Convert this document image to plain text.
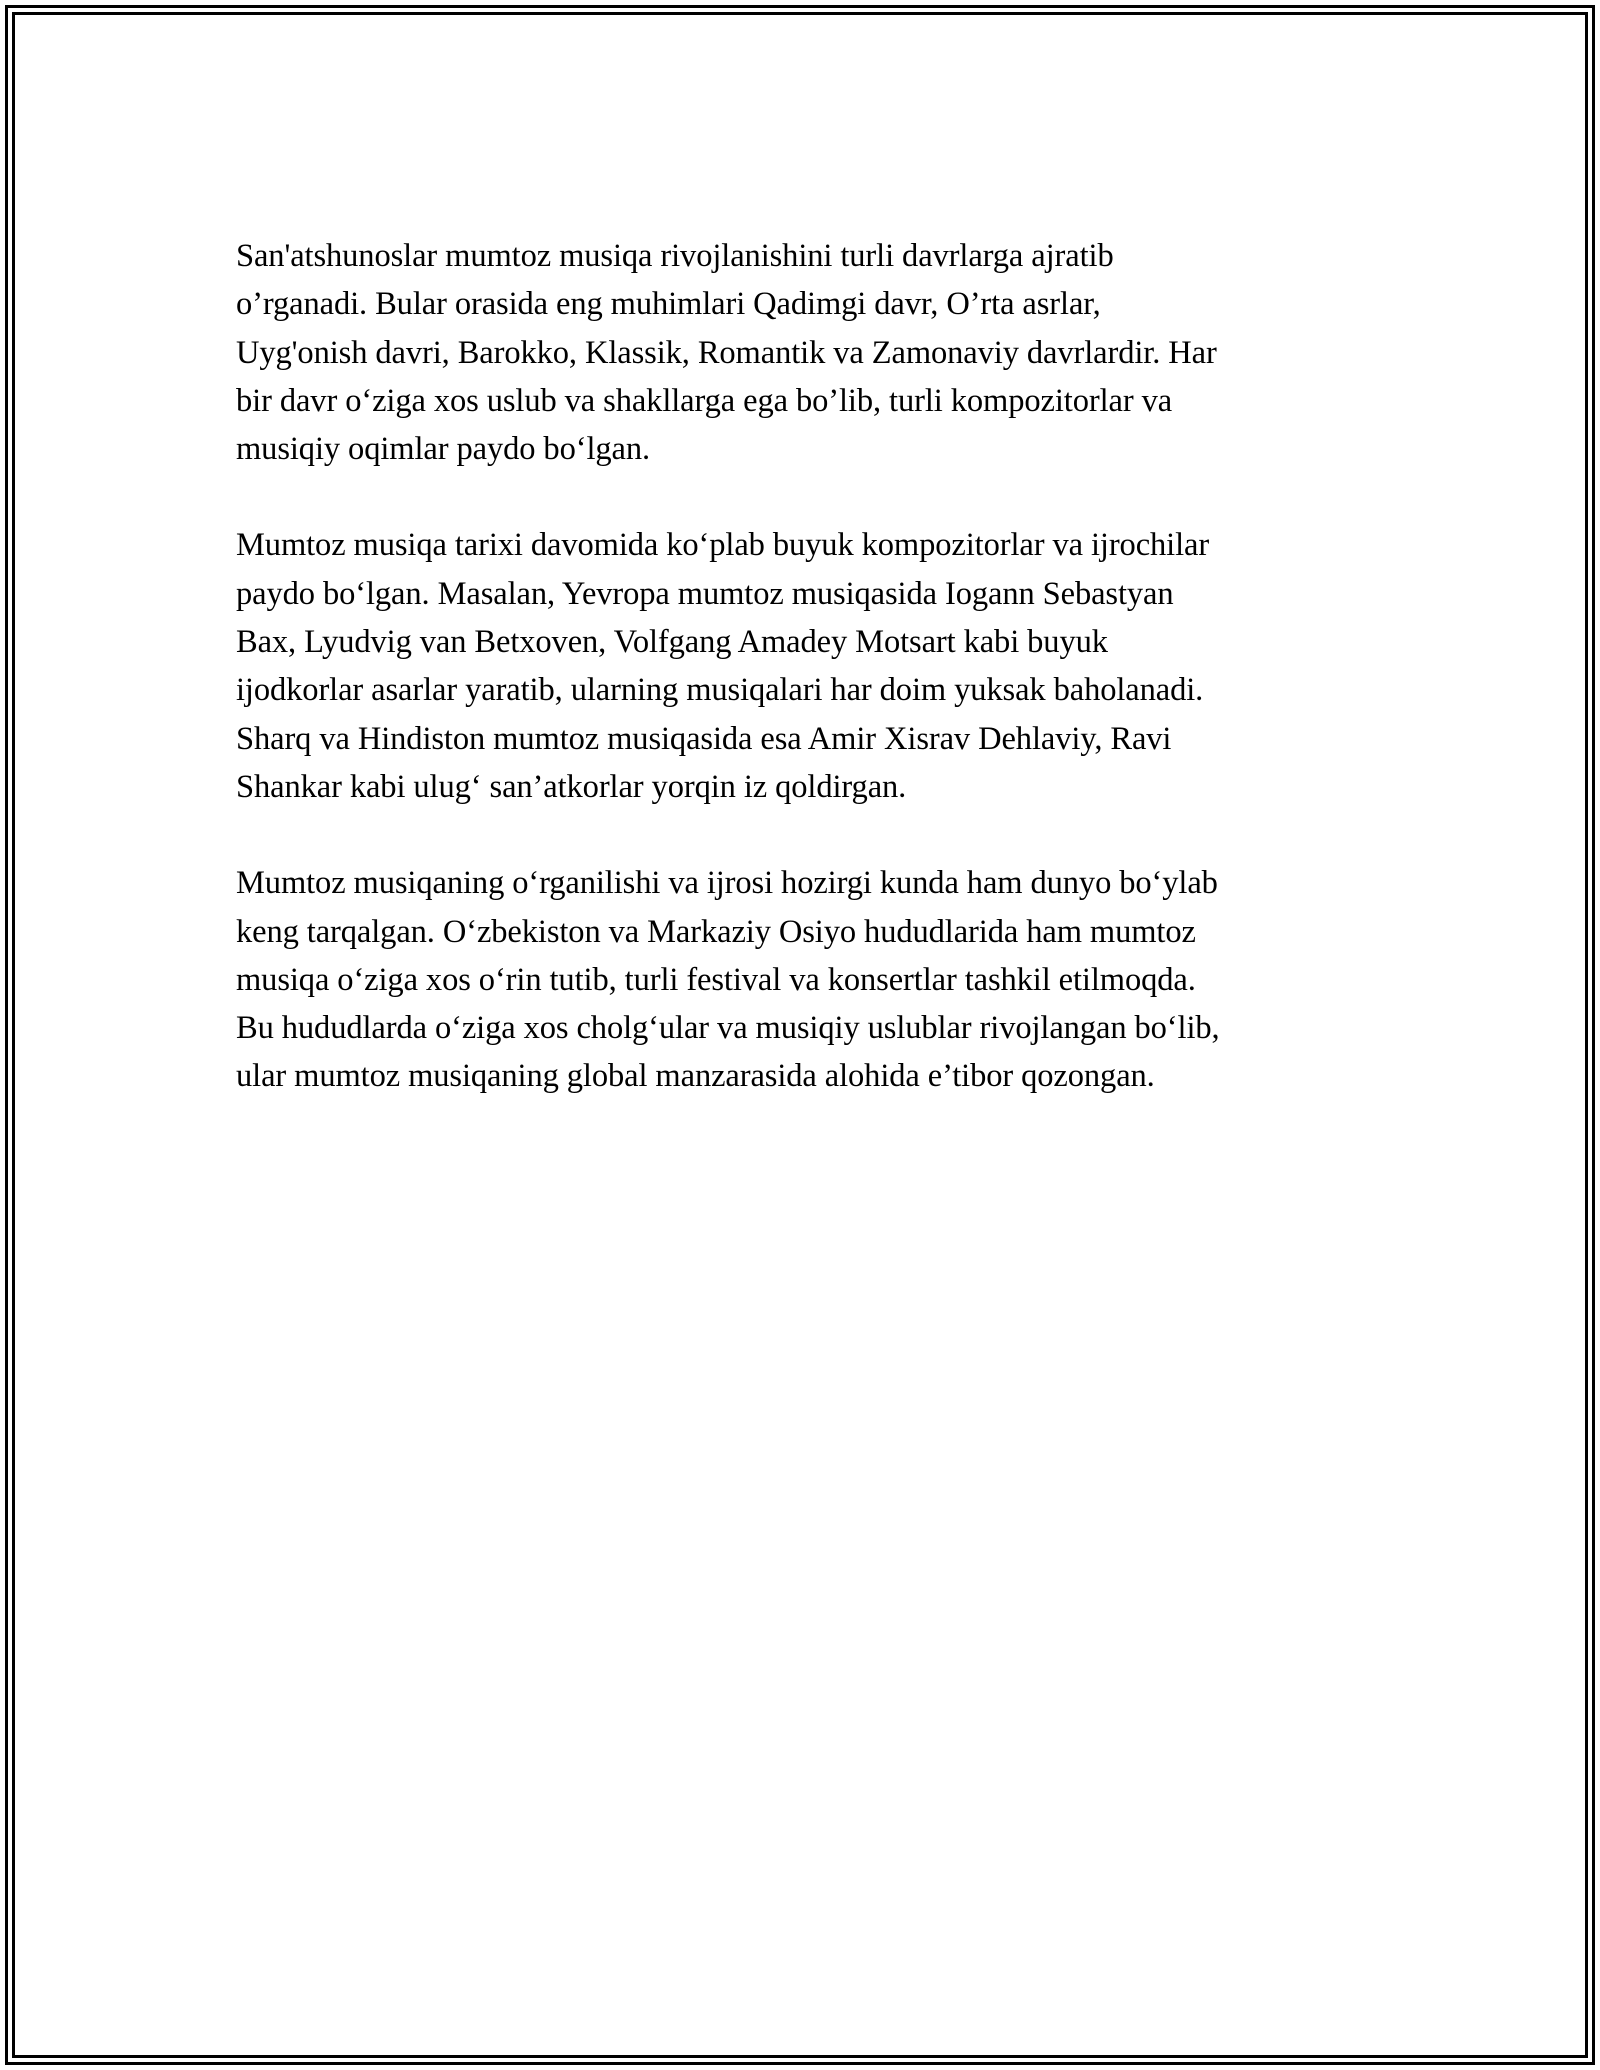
San'atshunoslar mumtoz musiqa rivojlanishini turli davrlarga ajratib
o’rganadi. Bular orasida eng muhimlari Qadimgi davr, O’rta asrlar,
Uyg'onish davri, Barokko, Klassik, Romantik va Zamonaviy davrlardir. Har
bir davr o‘ziga xos uslub va shakllarga ega bo’lib, turli kompozitorlar va
musiqiy oqimlar paydo bo‘lgan.

Mumtoz musiqa tarixi davomida ko‘plab buyuk kompozitorlar va ijrochilar
paydo bo‘lgan. Masalan, Yevropa mumtoz musiqasida Iogann Sebastyan
Bax, Lyudvig van Betxoven, Volfgang Amadey Motsart kabi buyuk
ijodkorlar asarlar yaratib, ularning musiqalari har doim yuksak baholanadi.
Sharq va Hindiston mumtoz musiqasida esa Amir Xisrav Dehlaviy, Ravi
Shankar kabi ulug‘ san’atkorlar yorqin iz qoldirgan.

Mumtoz musiqaning o‘rganilishi va ijrosi hozirgi kunda ham dunyo bo‘ylab
keng tarqalgan. O‘zbekiston va Markaziy Osiyo hududlarida ham mumtoz
musiqa o‘ziga xos o‘rin tutib, turli festival va konsertlar tashkil etilmoqda.
Bu hududlarda o‘ziga xos cholg‘ular va musiqiy uslublar rivojlangan bo‘lib,
ular mumtoz musiqaning global manzarasida alohida e’tibor qozongan.
